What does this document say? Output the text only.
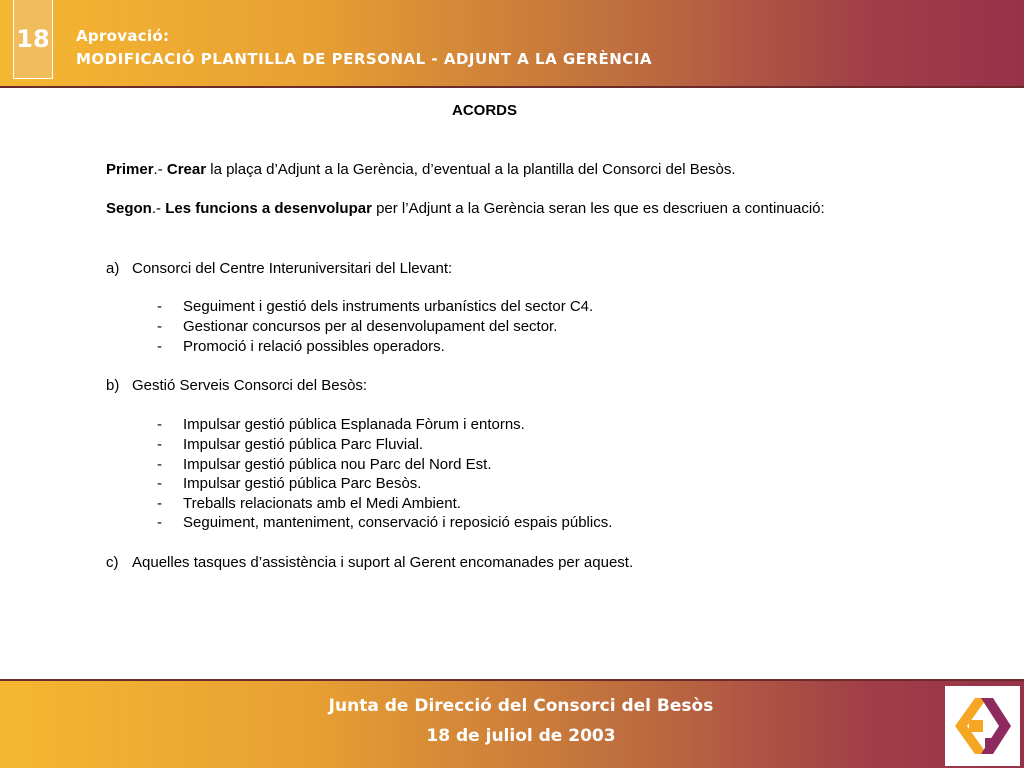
18 Aprovació:
MODIFICACIÓ PLANTILLA DE PERSONAL - ADJUNT A LA GERÈNCIA
ACORDS
Primer.- Crear la plaça d’Adjunt a la Gerència, d’eventual a la plantilla del Consorci del Besòs.
Segon.- Les funcions a desenvolupar per l’Adjunt a la Gerència seran les que es descriuen a continuació:
a) Consorci del Centre Interuniversitari del Llevant:
- Seguiment i gestió dels instruments urbanístics del sector C4.
- Gestionar concursos per al desenvolupament del sector.
- Promoció i relació possibles operadors.
b) Gestió Serveis Consorci del Besòs:
- Impulsar gestió pública Esplanada Fòrum i entorns.
- Impulsar gestió pública Parc Fluvial.
- Impulsar gestió pública nou Parc del Nord Est.
- Impulsar gestió pública Parc Besòs.
- Treballs relacionats amb el Medi Ambient.
- Seguiment, manteniment, conservació i reposició espais públics.
c) Aquelles tasques d’assistència i suport al Gerent encomanades per aquest.
Junta de Direcció del Consorci del Besòs
18 de juliol de 2003
